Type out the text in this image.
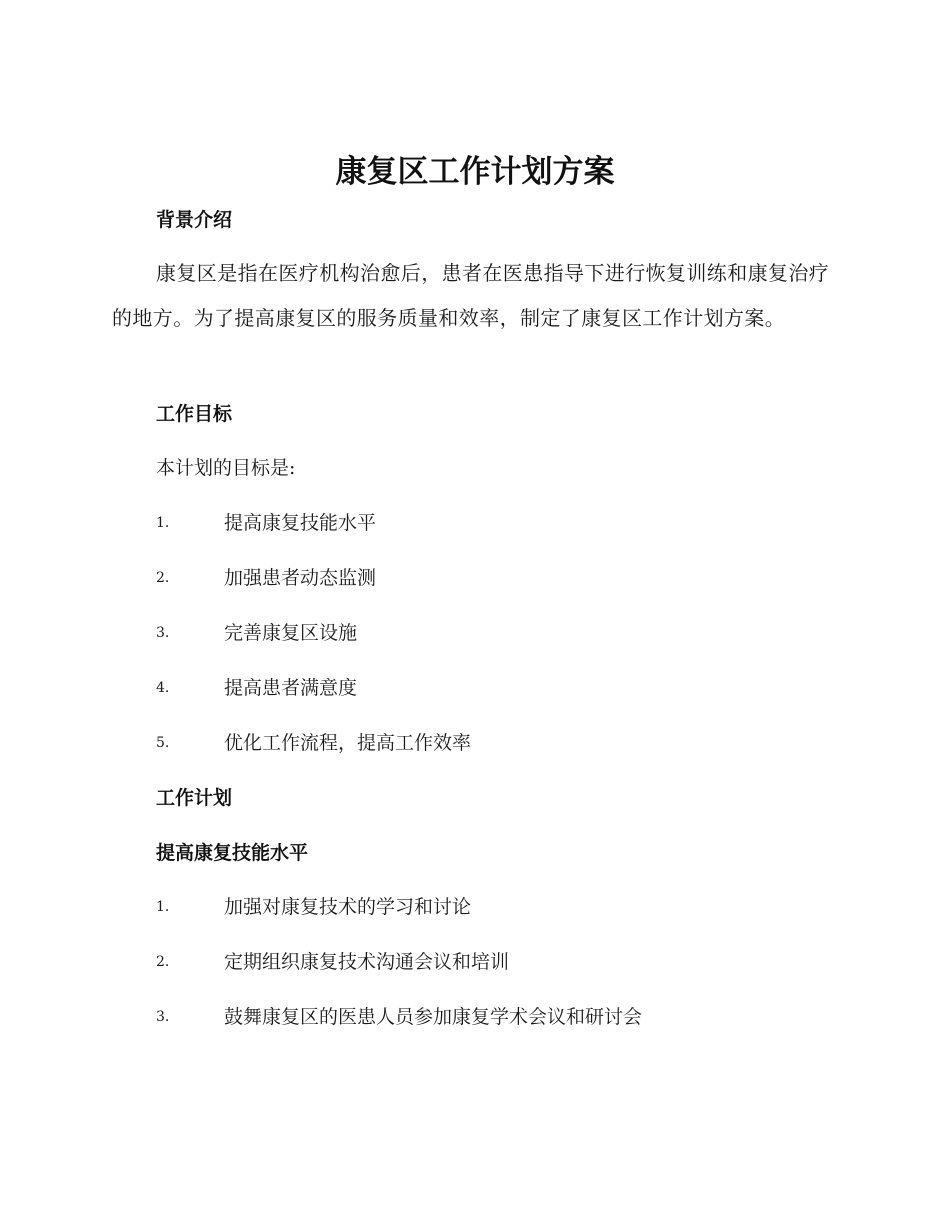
康复区工作计划方案
背景介绍

康复区是指在医疗机构治愈后，患者在医患指导下进行恢复训练和康复治疗的地方。为了提高康复区的服务质量和效率，制定了康复区工作计划方案。

工作目标

本计划的目标是:

1.	提高康复技能水平
2.	加强患者动态监测
3.	完善康复区设施
4.	提高患者满意度
5.	优化工作流程，提高工作效率
工作计划
提高康复技能水平
1.	加强对康复技术的学习和讨论
2.	定期组织康复技术沟通会议和培训
3.	鼓舞康复区的医患人员参加康复学术会议和研讨会
